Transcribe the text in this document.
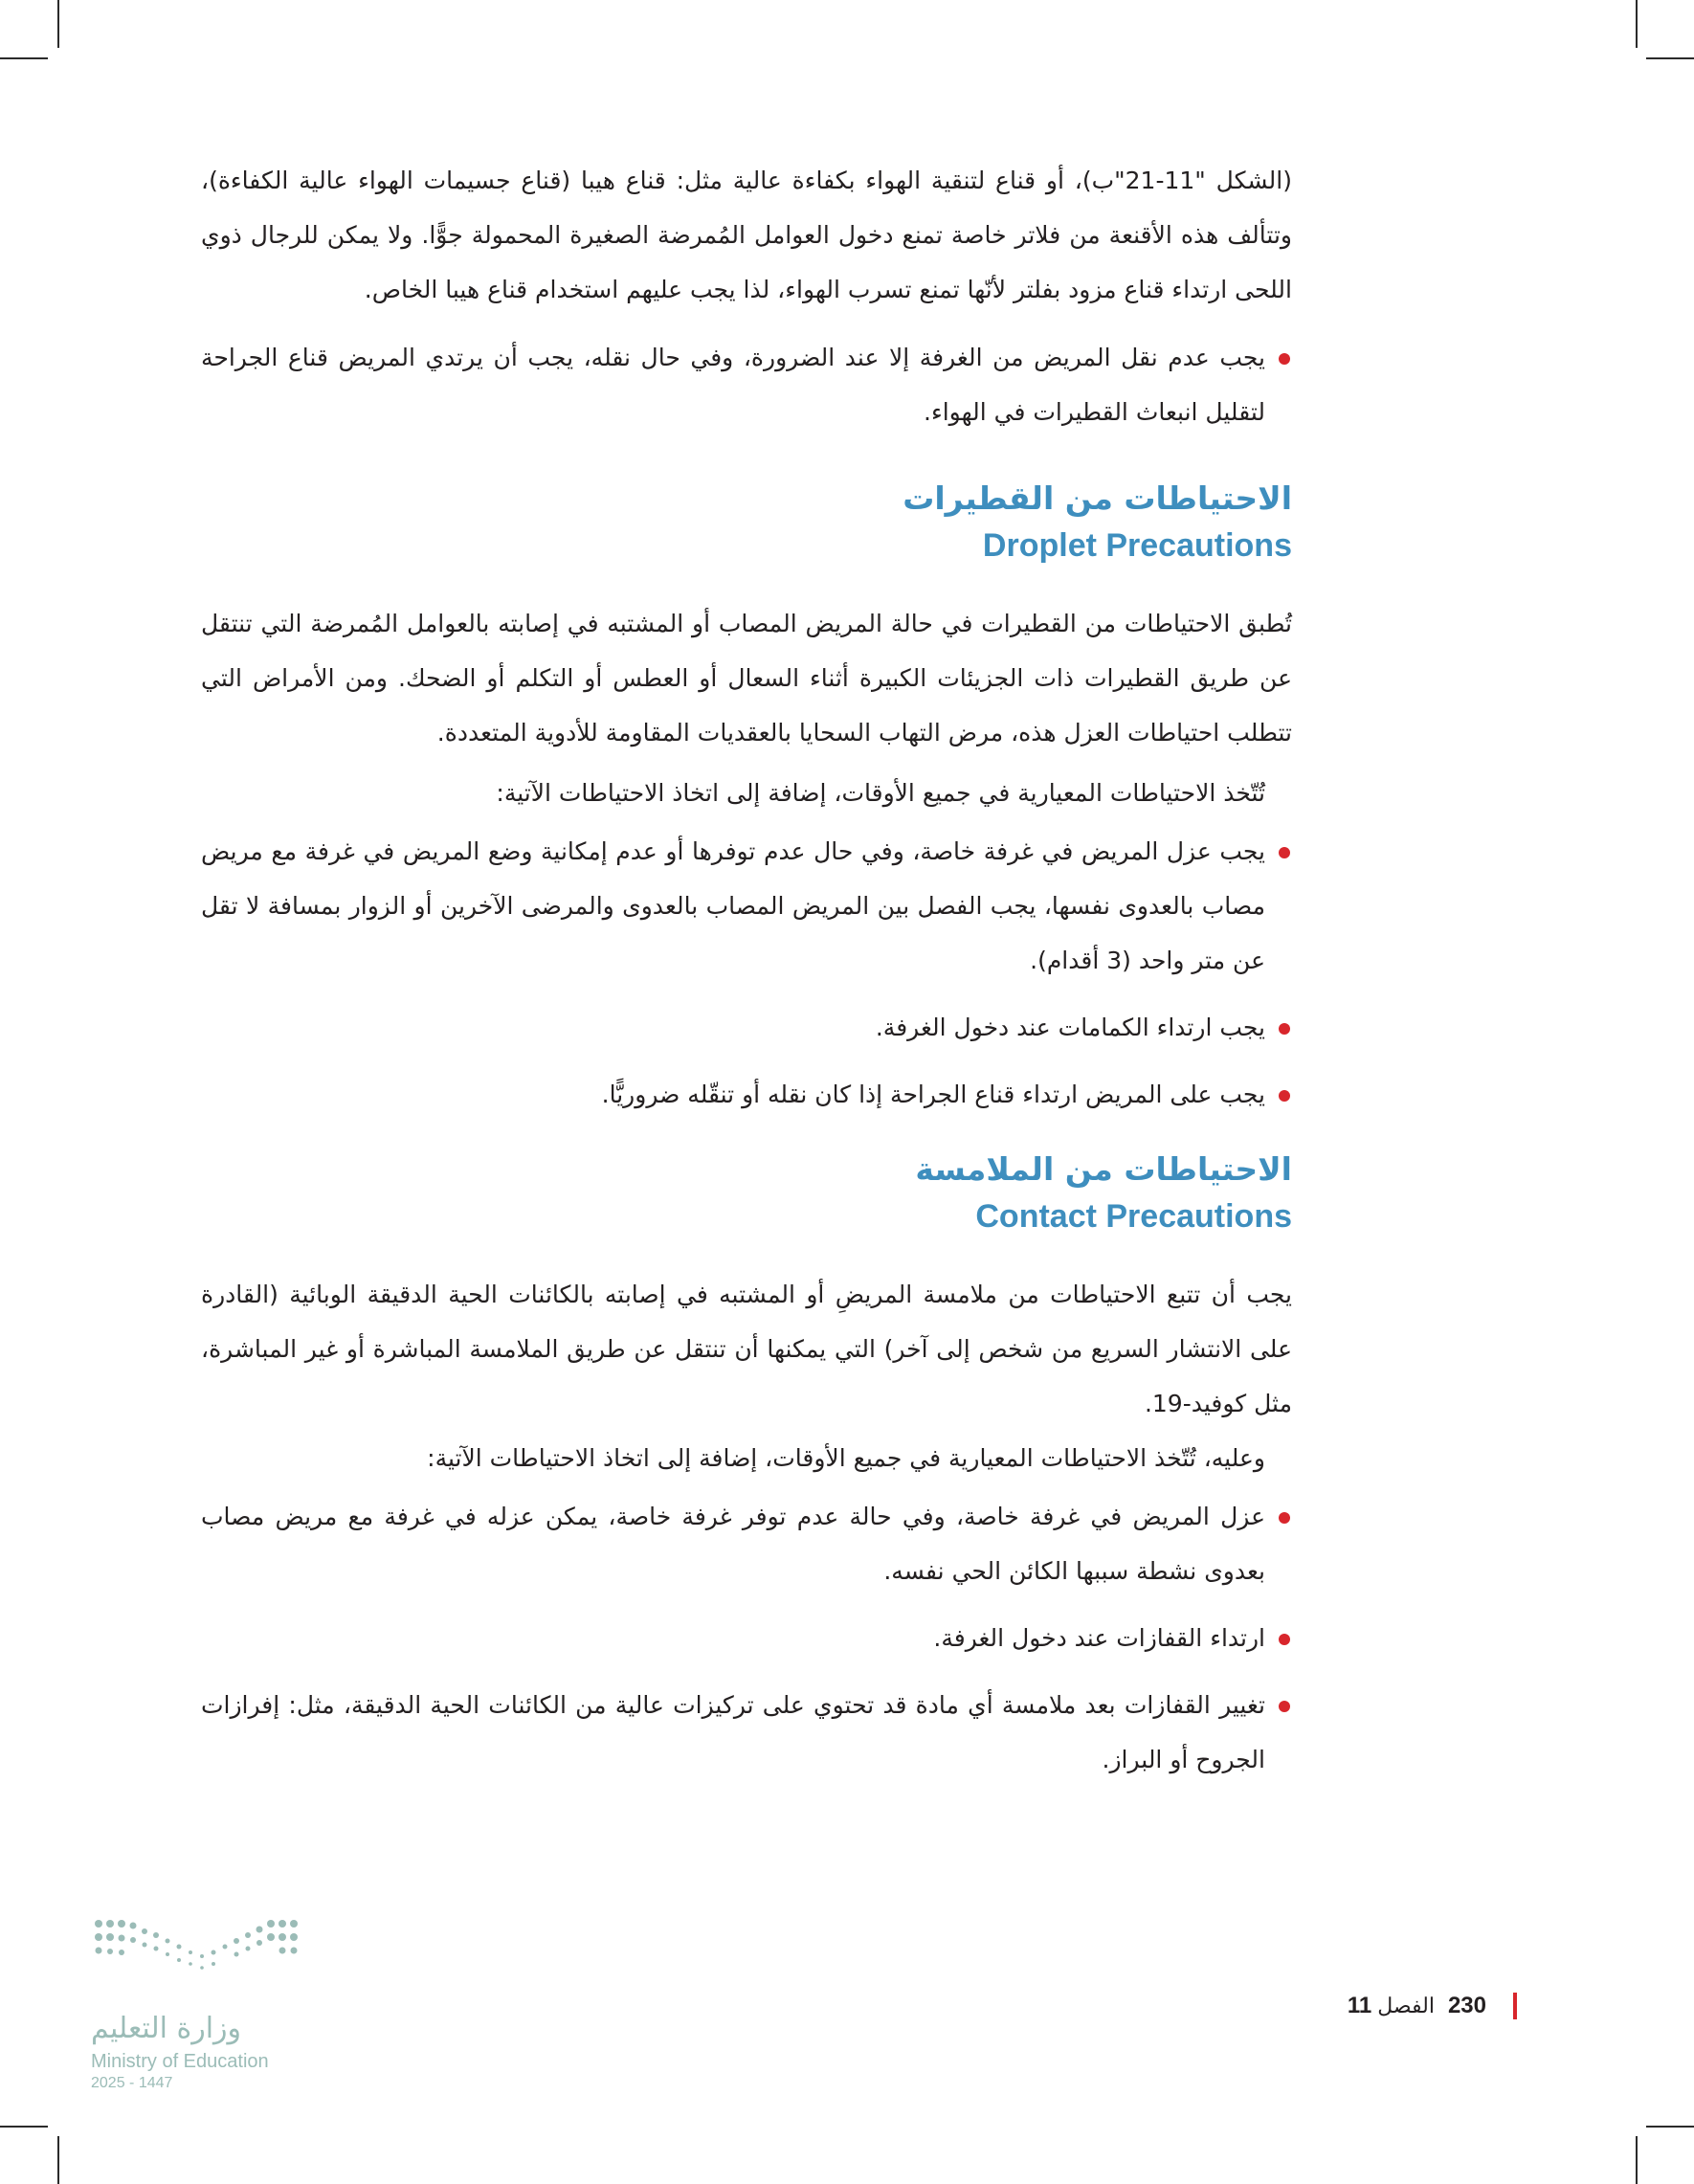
(الشكل "11-21"ب)، أو قناع لتنقية الهواء بكفاءة عالية مثل: قناع هيبا (قناع جسيمات الهواء عالية الكفاءة)، وتتألف هذه الأقنعة من فلاتر خاصة تمنع دخول العوامل المُمرضة الصغيرة المحمولة جوًّا. ولا يمكن للرجال ذوي اللحى ارتداء قناع مزود بفلتر لأنّها تمنع تسرب الهواء، لذا يجب عليهم استخدام قناع هيبا الخاص.

يجب عدم نقل المريض من الغرفة إلا عند الضرورة، وفي حال نقله، يجب أن يرتدي المريض قناع الجراحة لتقليل انبعاث القطيرات في الهواء.
الاحتياطات من القطيرات
Droplet Precautions

تُطبق الاحتياطات من القطيرات في حالة المريض المصاب أو المشتبه في إصابته بالعوامل المُمرضة التي تنتقل عن طريق القطيرات ذات الجزيئات الكبيرة أثناء السعال أو العطس أو التكلم أو الضحك. ومن الأمراض التي تتطلب احتياطات العزل هذه، مرض التهاب السحايا بالعقديات المقاومة للأدوية المتعددة.

تُتّخذ الاحتياطات المعيارية في جميع الأوقات، إضافة إلى اتخاذ الاحتياطات الآتية:

يجب عزل المريض في غرفة خاصة، وفي حال عدم توفرها أو عدم إمكانية وضع المريض في غرفة مع مريض مصاب بالعدوى نفسها، يجب الفصل بين المريض المصاب بالعدوى والمرضى الآخرين أو الزوار بمسافة لا تقل عن متر واحد (3 أقدام).
يجب ارتداء الكمامات عند دخول الغرفة.
يجب على المريض ارتداء قناع الجراحة إذا كان نقله أو تنقّله ضروريًّا.
الاحتياطات من الملامسة
Contact Precautions

يجب أن تتبع الاحتياطات من ملامسة المريضِ أو المشتبه في إصابته بالكائنات الحية الدقيقة الوبائية (القادرة على الانتشار السريع من شخص إلى آخر) التي يمكنها أن تنتقل عن طريق الملامسة المباشرة أو غير المباشرة، مثل كوفيد-19.

وعليه، تُتّخذ الاحتياطات المعيارية في جميع الأوقات، إضافة إلى اتخاذ الاحتياطات الآتية:

عزل المريض في غرفة خاصة، وفي حالة عدم توفر غرفة خاصة، يمكن عزله في غرفة مع مريض مصاب بعدوى نشطة سببها الكائن الحي نفسه.
ارتداء القفازات عند دخول الغرفة.
تغيير القفازات بعد ملامسة أي مادة قد تحتوي على تركيزات عالية من الكائنات الحية الدقيقة، مثل: إفرازات الجروح أو البراز.
وزارة التعليم
Ministry of Education
2025 - 1447
11 الفصل 230
